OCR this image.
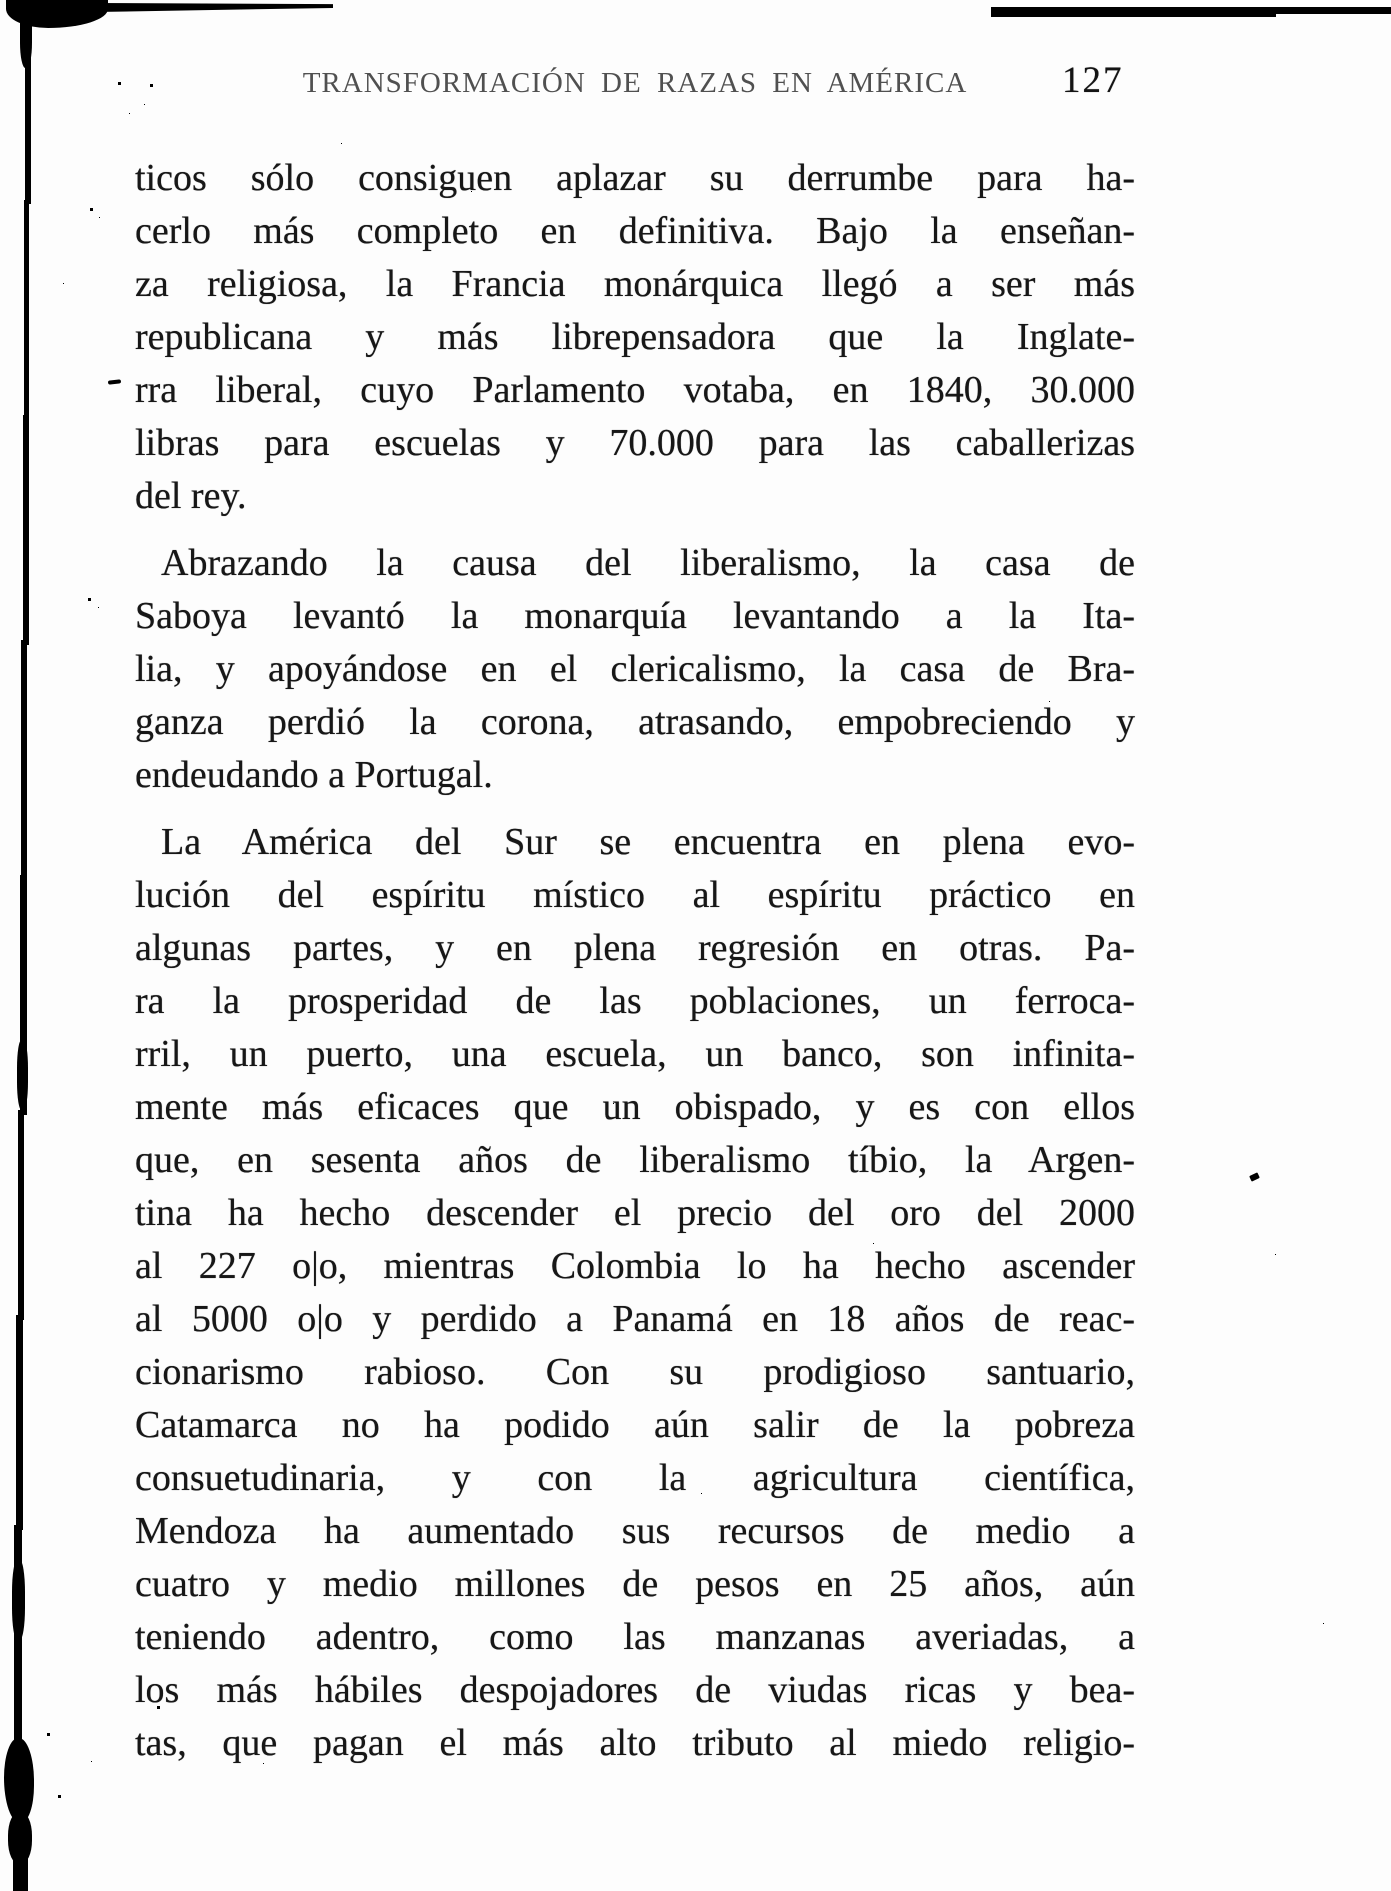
TRANSFORMACIÓN DE RAZAS EN AMÉRICA	127
ticos sólo consiguen aplazar su derrumbe para ha-
cerlo más completo en definitiva. Bajo la enseñan-
za religiosa, la Francia monárquica llegó a ser más
republicana y más librepensadora que la Inglate-
rra liberal, cuyo Parlamento votaba, en 1840, 30.000
libras para escuelas y 70.000 para las caballerizas
del rey.
Abrazando la causa del liberalismo, la casa de
Saboya levantó la monarquía levantando a la Ita-
lia, y apoyándose en el clericalismo, la casa de Bra-
ganza perdió la corona, atrasando, empobreciendo y
endeudando a Portugal.
La América del Sur se encuentra en plena evo-
lución del espíritu místico al espíritu práctico en
algunas partes, y en plena regresión en otras. Pa-
ra la prosperidad de las poblaciones, un ferroca-
rril, un puerto, una escuela, un banco, son infinita-
mente más eficaces que un obispado, y es con ellos
que, en sesenta años de liberalismo tíbio, la Argen-
tina ha hecho descender el precio del oro del 2000
al 227 o|o, mientras Colombia lo ha hecho ascender
al 5000 o|o y perdido a Panamá en 18 años de reac-
cionarismo rabioso. Con su prodigioso santuario,
Catamarca no ha podido aún salir de la pobreza
consuetudinaria, y con la agricultura científica,
Mendoza ha aumentado sus recursos de medio a
cuatro y medio millones de pesos en 25 años, aún
teniendo adentro, como las manzanas averiadas, a
los más hábiles despojadores de viudas ricas y bea-
tas, que pagan el más alto tributo al miedo religio-
